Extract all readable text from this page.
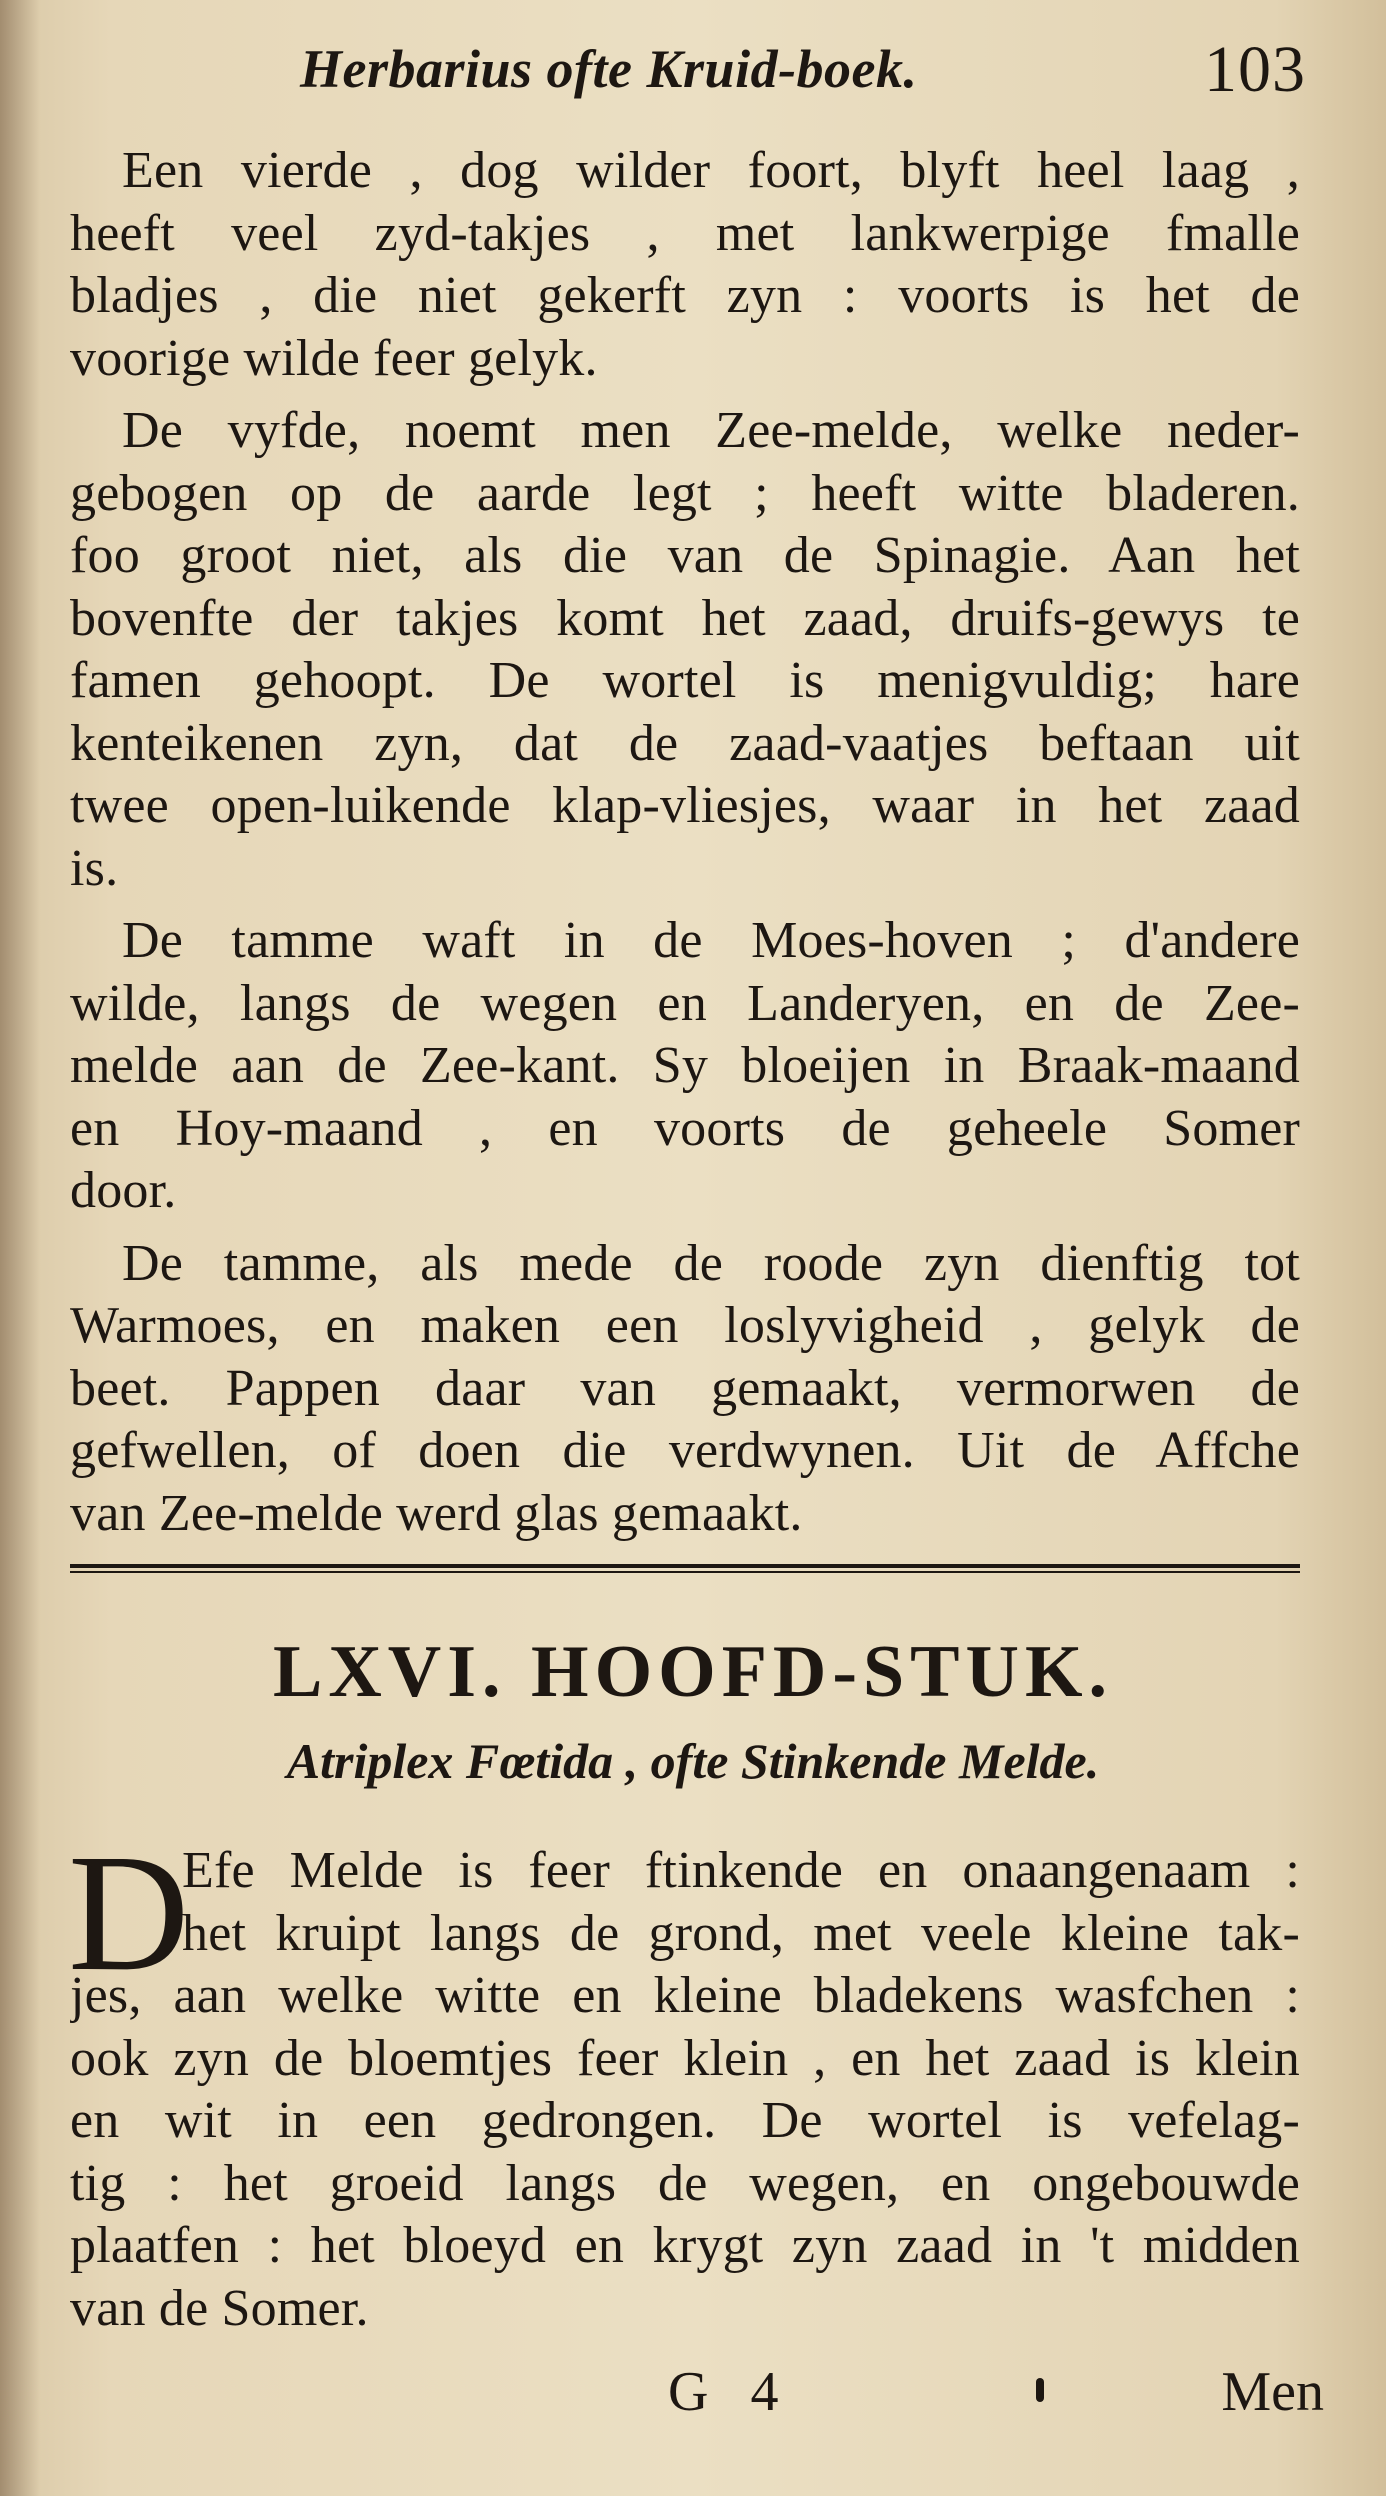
Herbarius ofte Kruid-boek.	103
Een vierde , dog wilder foort, blyft heel laag ,
heeft veel zyd-takjes , met lankwerpige fmalle
bladjes , die niet gekerft zyn : voorts is het de
voorige wilde feer gelyk.
De vyfde, noemt men Zee-melde, welke neder-
gebogen op de aarde legt ; heeft witte bladeren.
foo groot niet, als die van de Spinagie. Aan het
bovenfte der takjes komt het zaad, druifs-gewys te
famen gehoopt. De wortel is menigvuldig; hare
kenteikenen zyn, dat de zaad-vaatjes beftaan uit
twee open-luikende klap-vliesjes, waar in het zaad
is.
De tamme waft in de Moes-hoven ; d'andere
wilde, langs de wegen en Landeryen, en de Zee-
melde aan de Zee-kant. Sy bloeijen in Braak-maand
en Hoy-maand , en voorts de geheele Somer
door.
De tamme, als mede de roode zyn dienftig tot
Warmoes, en maken een loslyvigheid , gelyk de
beet. Pappen daar van gemaakt, vermorwen de
gefwellen, of doen die verdwynen. Uit de Affche
van Zee-melde werd glas gemaakt.
LXVI. HOOFD-STUK.
Atriplex Fœtida , ofte Stinkende Melde.
D
Efe Melde is feer ftinkende en onaangenaam :
het kruipt langs de grond, met veele kleine tak-
jes, aan welke witte en kleine bladekens wasfchen :
ook zyn de bloemtjes feer klein , en het zaad is klein
en wit in een gedrongen. De wortel is vefelag-
tig : het groeid langs de wegen, en ongebouwde
plaatfen : het bloeyd en krygt zyn zaad in 't midden
van de Somer.
G 4	Men
